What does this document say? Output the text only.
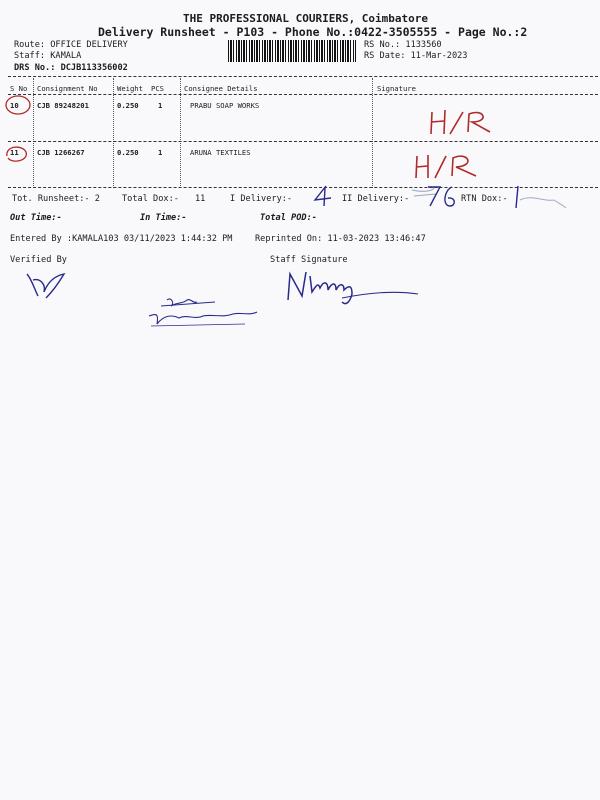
THE PROFESSIONAL COURIERS, Coimbatore
Delivery Runsheet - P103 - Phone No.:0422-3505555 - Page No.:2
Route: OFFICE DELIVERY
Staff: KAMALA
DRS No.: DCJB113356002
RS No.: 1133560
RS Date: 11-Mar-2023
S No Consignment No	Weight PCS	Consignee Details	Signature
10	CJB 89248201	0.250	1	PRABU SOAP WORKS
11	CJB 1266267	0.250	1	ARUNA TEXTILES
Tot. Runsheet:- 2	Total Dox:- 11	I Delivery:-	II Delivery:-	RTN Dox:-
Out Time:-	In Time:-	Total POD:-
Entered By :KAMALA103 03/11/2023 1:44:32 PM	Reprinted On: 11-03-2023 13:46:47
Verified By	Staff Signature
